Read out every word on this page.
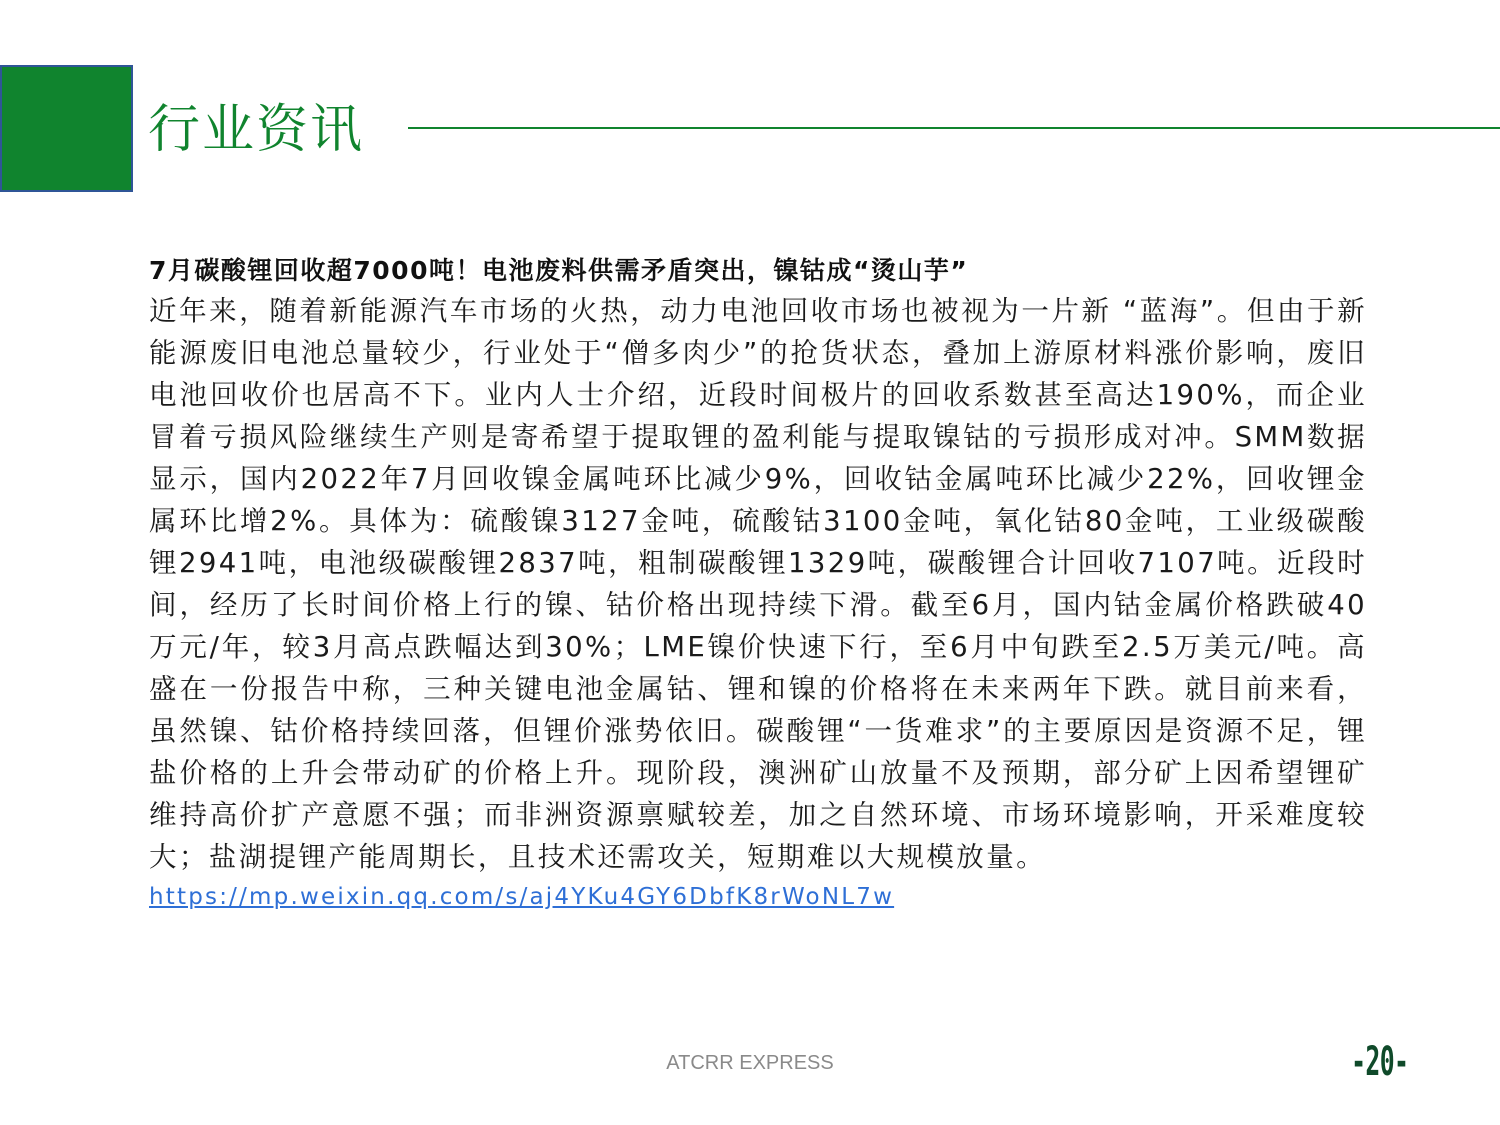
行业资讯

7月碳酸锂回收超7000吨！电池废料供需矛盾突出，镍钴成“烫山芋”

近年来，随着新能源汽车市场的火热，动力电池回收市场也被视为一片新 “蓝海”。但由于新能源废旧电池总量较少，行业处于“僧多肉少”的抢货状态，叠加上游原材料涨价影响，废旧电池回收价也居高不下。业内人士介绍，近段时间极片的回收系数甚至高达190%，而企业冒着亏损风险继续生产则是寄希望于提取锂的盈利能与提取镍钴的亏损形成对冲。SMM数据显示，国内2022年7月回收镍金属吨环比减少9%，回收钴金属吨环比减少22%，回收锂金属环比增2%。具体为：硫酸镍3127金吨，硫酸钴3100金吨，氧化钴80金吨，工业级碳酸锂2941吨，电池级碳酸锂2837吨，粗制碳酸锂1329吨，碳酸锂合计回收7107吨。近段时间，经历了长时间价格上行的镍、钴价格出现持续下滑。截至6月，国内钴金属价格跌破40万元/年，较3月高点跌幅达到30%；LME镍价快速下行，至6月中旬跌至2.5万美元/吨。高盛在一份报告中称，三种关键电池金属钴、锂和镍的价格将在未来两年下跌。就目前来看，虽然镍、钴价格持续回落，但锂价涨势依旧。碳酸锂“一货难求”的主要原因是资源不足，锂盐价格的上升会带动矿的价格上升。现阶段，澳洲矿山放量不及预期，部分矿上因希望锂矿维持高价扩产意愿不强；而非洲资源禀赋较差，加之自然环境、市场环境影响，开采难度较大；盐湖提锂产能周期长，且技术还需攻关，短期难以大规模放量。

https://mp.weixin.qq.com/s/aj4YKu4GY6DbfK8rWoNL7w
ATCRR EXPRESS	-20-
